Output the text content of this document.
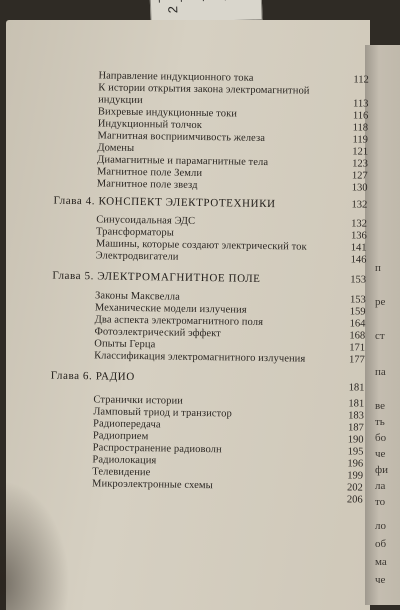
2
Направление индукционного тока	112
К истории открытия закона электромагнитной
индукции	113
Вихревые индукционные токи	116
Индукционный толчок	118
Магнитная восприимчивость железа	119
Домены	121
Диамагнитные и парамагнитные тела	123
Магнитное поле Земли	127
Магнитное поле звезд	130
Глава 4. КОНСПЕКТ ЭЛЕКТРОТЕХНИКИ	132
Синусоидальная ЭДС	132
Трансформаторы	136
Машины, которые создают электрический ток	141
Электродвигатели	146
Глава 5. ЭЛЕКТРОМАГНИТНОЕ ПОЛЕ	153
Законы Максвелла	153
Механические модели излучения	159
Два аспекта электромагнитного поля	164
Фотоэлектрический эффект	168
Опыты Герца	171
Классификация электромагнитного излучения	177
Глава 6. РАДИО
181
Странички истории	181
Ламповый триод и транзистор	183
Радиопередача	187
Радиоприем	190
Распространение радиоволн	195
Радиолокация	196
Телевидение	199
Микроэлектронные схемы	202
206
п
ре
ст
па
ве
ть
бо
че
фи
ла
то
ло
об
ма
че
